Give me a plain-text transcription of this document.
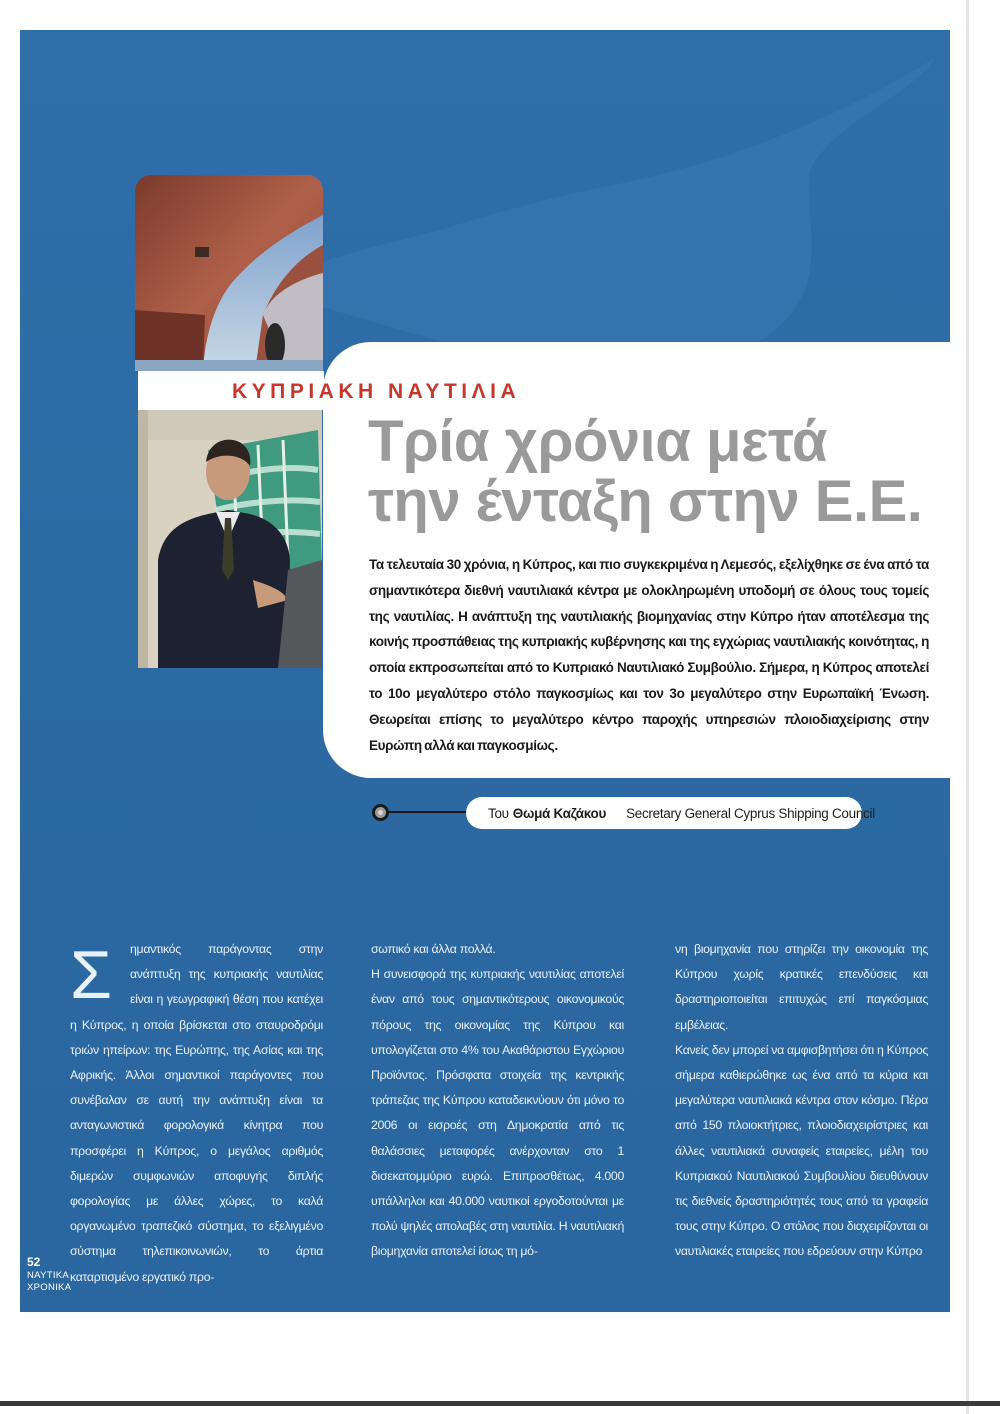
ΚΥΠΡΙΑΚΗ ΝΑΥΤΙΛΙΑ
Τρία χρόνια μετά
την ένταξη στην Ε.Ε.

Τα τελευταία 30 χρόνια, η Κύπρος, και πιο συγκεκριμένα η Λεμεσός, εξελίχθηκε σε ένα από τα σημαντικότερα διεθνή ναυτιλιακά κέντρα με ολοκληρωμένη υποδομή σε όλους τους τομείς της ναυτιλίας. Η ανάπτυξη της ναυτιλιακής βιομηχανίας στην Κύπρο ήταν αποτέλεσμα της κοινής προσπάθειας της κυπριακής κυβέρνησης και της εγχώριας ναυτιλιακής κοινότητας, η οποία εκπροσωπείται από το Κυπριακό Ναυτιλιακό Συμβούλιο. Σήμερα, η Κύπρος αποτελεί το 10ο μεγαλύτερο στόλο παγκοσμίως και τον 3ο μεγαλύτερο στην Ευρωπαϊκή Ένωση. Θεωρείται επίσης το μεγαλύτερο κέντρο παροχής υπηρεσιών πλοιοδιαχείρισης στην Ευρώπη αλλά και παγκοσμίως.

Του Θωμά Καζάκου Secretary General Cyprus Shipping Council
Σ	ημαντικός παράγοντας στην ανάπτυξη της κυπριακής ναυτιλίας είναι η γεωγραφική θέση που κατέχει η Κύπρος, η οποία βρίσκεται στο σταυροδρόμι τριών ηπείρων: της Ευρώπης, της Ασίας και της Αφρικής. Άλλοι σημαντικοί παράγοντες που συνέβαλαν σε αυτή την ανάπτυξη είναι τα ανταγωνιστικά φορολογικά κίνητρα που προσφέρει η Κύπρος, ο μεγάλος αριθμός διμερών συμφωνιών αποφυγής διπλής φορολογίας με άλλες χώρες, το καλά οργανωμένο τραπεζικό σύστημα, το εξελιγμένο σύστημα τηλεπικοινωνιών, το άρτια καταρτισμένο εργατικό προ-

σωπικό και άλλα πολλά.

Η συνεισφορά της κυπριακής ναυτιλίας αποτελεί έναν από τους σημαντικότερους οικονομικούς πόρους της οικονομίας της Κύπρου και υπολογίζεται στο 4% του Ακαθάριστου Εγχώριου Προϊόντος. Πρόσφατα στοιχεία της κεντρικής τράπεζας της Κύπρου καταδεικνύουν ότι μόνο το 2006 οι εισροές στη Δημοκρατία από τις θαλάσσιες μεταφορές ανέρχονταν στο 1 δισεκατομμύριο ευρώ. Επιπροσθέτως, 4.000 υπάλληλοι και 40.000 ναυτικοί εργοδοτούνται με πολύ ψηλές απολαβές στη ναυτιλία. Η ναυτιλιακή βιομηχανία αποτελεί ίσως τη μό-

νη βιομηχανία που στηρίζει την οικονομία της Κύπρου χωρίς κρατικές επενδύσεις και δραστηριοποιείται επιτυχώς επί παγκόσμιας εμβέλειας.

Κανείς δεν μπορεί να αμφισβητήσει ότι η Κύπρος σήμερα καθιερώθηκε ως ένα από τα κύρια και μεγαλύτερα ναυτιλιακά κέντρα στον κόσμο. Πέρα από 150 πλοιοκτήτριες, πλοιοδιαχειρίστριες και άλλες ναυτιλιακά συναφείς εταιρείες, μέλη του Κυπριακού Ναυτιλιακού Συμβουλίου διευθύνουν τις διεθνείς δραστηριότητές τους από τα γραφεία τους στην Κύπρο. Ο στόλος που διαχειρίζονται οι ναυτιλιακές εταιρείες που εδρεύουν στην Κύπρο

52
ΝΑΥΤΙΚΑ
ΧΡΟΝΙΚΑ
